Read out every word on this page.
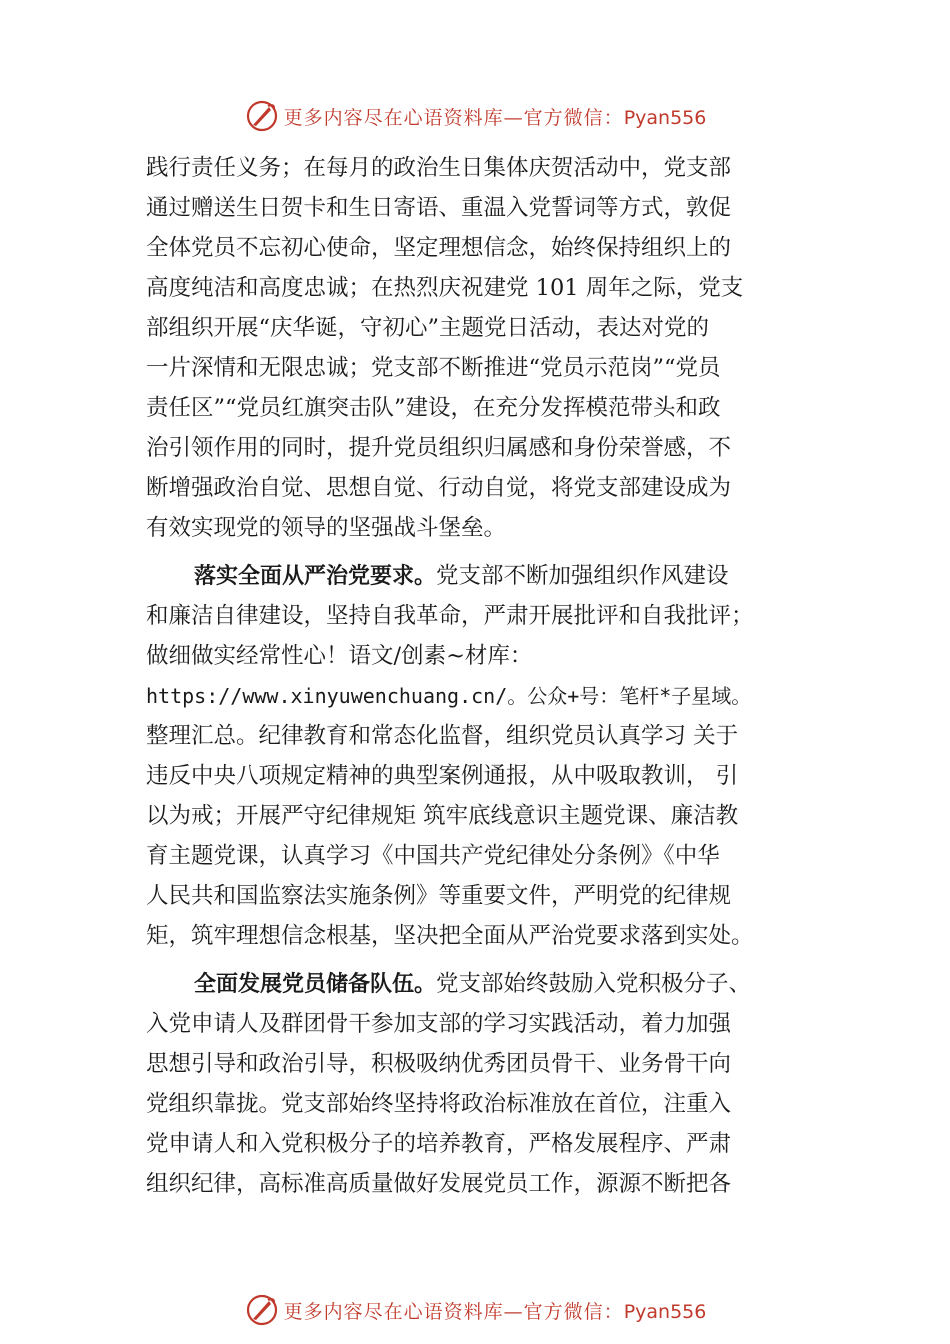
更多内容尽在心语资料库—官方微信：Pyan556
践行责任义务；在每月的政治生日集体庆贺活动中，党支部
通过赠送生日贺卡和生日寄语、重温入党誓词等方式，敦促
全体党员不忘初心使命，坚定理想信念，始终保持组织上的
高度纯洁和高度忠诚；在热烈庆祝建党 101 周年之际，党支
部组织开展“庆华诞，守初心”主题党日活动，表达对党的
一片深情和无限忠诚；党支部不断推进“党员示范岗”“党员
责任区”“党员红旗突击队”建设，在充分发挥模范带头和政
治引领作用的同时，提升党员组织归属感和身份荣誉感，不
断增强政治自觉、思想自觉、行动自觉，将党支部建设成为
有效实现党的领导的坚强战斗堡垒。
落实全面从严治党要求。党支部不断加强组织作风建设
和廉洁自律建设，坚持自我革命，严肃开展批评和自我批评；
做细做实经常性心！语文/创素~材库：
https://www.xinyuwenchuang.cn/。公众+号：笔杆*子星域。
整理汇总。纪律教育和常态化监督，组织党员认真学习 关于
违反中央八项规定精神的典型案例通报，从中吸取教训， 引
以为戒；开展严守纪律规矩 筑牢底线意识主题党课、廉洁教
育主题党课，认真学习《中国共产党纪律处分条例》《中华
人民共和国监察法实施条例》等重要文件，严明党的纪律规
矩，筑牢理想信念根基，坚决把全面从严治党要求落到实处。
全面发展党员储备队伍。党支部始终鼓励入党积极分子、
入党申请人及群团骨干参加支部的学习实践活动，着力加强
思想引导和政治引导，积极吸纳优秀团员骨干、业务骨干向
党组织靠拢。党支部始终坚持将政治标准放在首位，注重入
党申请人和入党积极分子的培养教育，严格发展程序、严肃
组织纪律，高标准高质量做好发展党员工作，源源不断把各
更多内容尽在心语资料库—官方微信：Pyan556
